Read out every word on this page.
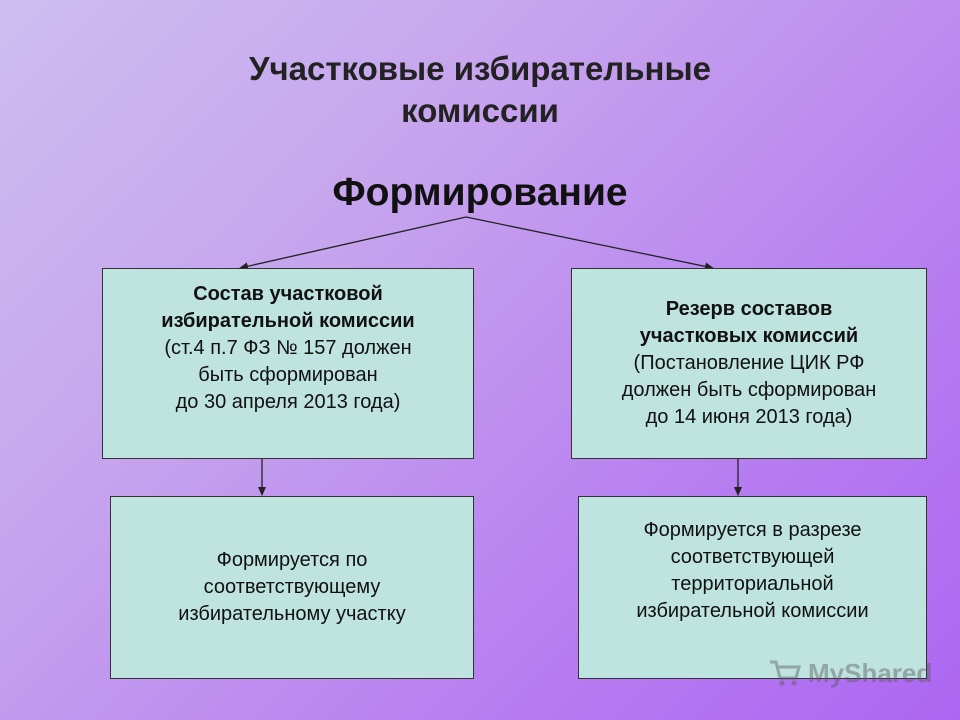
Участковые избирательные
комиссии
Формирование
Состав участковой
избирательной комиссии
(ст.4 п.7 ФЗ № 157 должен
быть сформирован
до 30 апреля 2013 года)
Резерв составов
участковых комиссий
(Постановление ЦИК РФ
должен быть сформирован
до 14 июня 2013 года)
Формируется по
соответствующему
избирательному участку
Формируется в разрезе
соответствующей
территориальной
избирательной комиссии
MyShared
